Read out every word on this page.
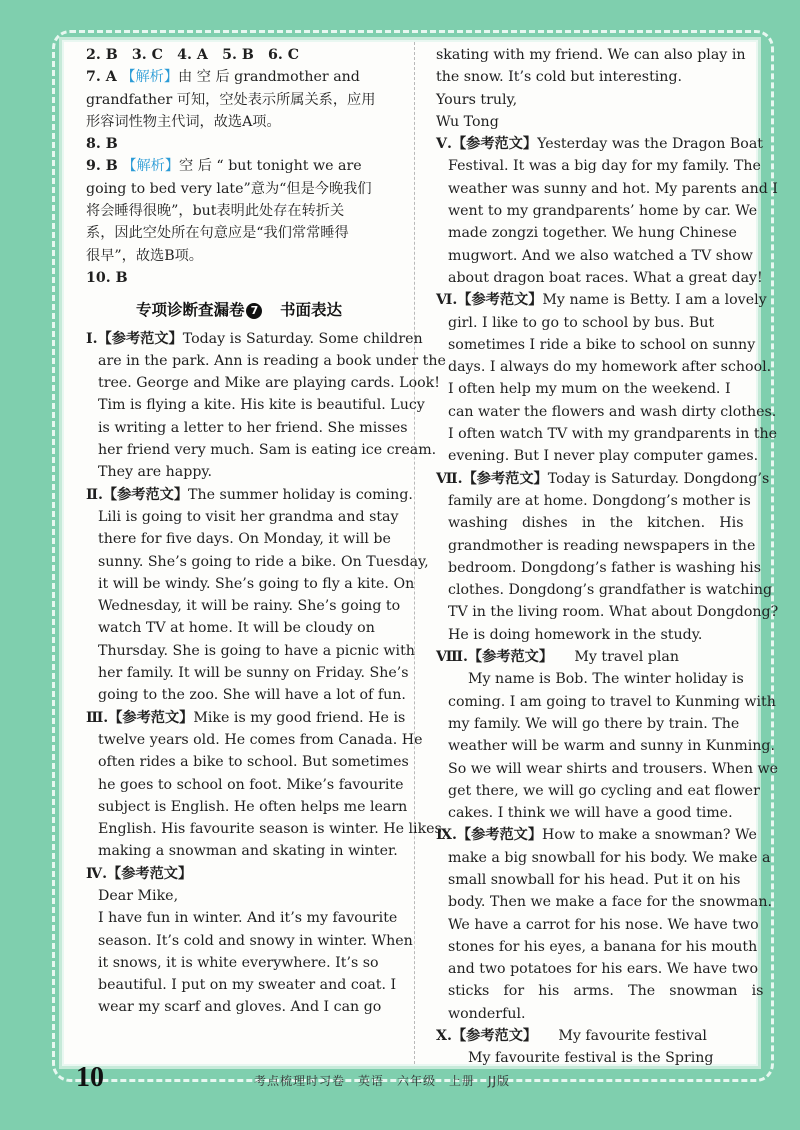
2. B　3. C　4. A　5. B　6. C
7. A 【解析】由 空 后 grandmother and
grandfather 可知，空处表示所属关系，应用
形容词性物主代词，故选A项。
8. B
9. B 【解析】空 后 “ but tonight we are
going to bed very late”意为“但是今晚我们
将会睡得很晚”，but表明此处存在转折关
系，因此空处所在句意应是“我们常常睡得
很早”，故选B项。
10. B
专项诊断查漏卷 7　 书面表达
Ⅰ.【参考范文】Today is Saturday. Some children
are in the park. Ann is reading a book under the
tree. George and Mike are playing cards. Look!
Tim is flying a kite. His kite is beautiful. Lucy
is writing a letter to her friend. She misses
her friend very much. Sam is eating ice cream.
They are happy.
Ⅱ.【参考范文】The summer holiday is coming.
Lili is going to visit her grandma and stay
there for five days. On Monday, it will be
sunny. She’s going to ride a bike. On Tuesday,
it will be windy. She’s going to fly a kite. On
Wednesday, it will be rainy. She’s going to
watch TV at home. It will be cloudy on
Thursday. She is going to have a picnic with
her family. It will be sunny on Friday. She’s
going to the zoo. She will have a lot of fun.
Ⅲ.【参考范文】Mike is my good friend. He is
twelve years old. He comes from Canada. He
often rides a bike to school. But sometimes
he goes to school on foot. Mike’s favourite
subject is English. He often helps me learn
English. His favourite season is winter. He likes
making a snowman and skating in winter.
Ⅳ.【参考范文】
Dear Mike,
I have fun in winter. And it’s my favourite
season. It’s cold and snowy in winter. When
it snows, it is white everywhere. It’s so
beautiful. I put on my sweater and coat. I
wear my scarf and gloves. And I can go
skating with my friend. We can also play in
the snow. It’s cold but interesting.
Yours truly,
Wu Tong
Ⅴ.【参考范文】Yesterday was the Dragon Boat
Festival. It was a big day for my family. The
weather was sunny and hot. My parents and I
went to my grandparents’ home by car. We
made zongzi together. We hung Chinese
mugwort. And we also watched a TV show
about dragon boat races. What a great day!
Ⅵ.【参考范文】My name is Betty. I am a lovely
girl. I like to go to school by bus. But
sometimes I ride a bike to school on sunny
days. I always do my homework after school.
I often help my mum on the weekend. I
can water the flowers and wash dirty clothes.
I often watch TV with my grandparents in the
evening. But I never play computer games.
Ⅶ.【参考范文】Today is Saturday. Dongdong’s
family are at home. Dongdong’s mother is
washing　dishes　in　the　kitchen.　His
grandmother is reading newspapers in the
bedroom. Dongdong’s father is washing his
clothes. Dongdong’s grandfather is watching
TV in the living room. What about Dongdong?
He is doing homework in the study.
Ⅷ.【参考范文】　　 My travel plan
My name is Bob. The winter holiday is
coming. I am going to travel to Kunming with
my family. We will go there by train. The
weather will be warm and sunny in Kunming.
So we will wear shirts and trousers. When we
get there, we will go cycling and eat flower
cakes. I think we will have a good time.
Ⅸ.【参考范文】How to make a snowman? We
make a big snowball for his body. We make a
small snowball for his head. Put it on his
body. Then we make a face for the snowman.
We have a carrot for his nose. We have two
stones for his eyes, a banana for his mouth
and two potatoes for his ears. We have two
sticks　for　his　arms.　The　snowman　is
wonderful.
Ⅹ.【参考范文】　　 My favourite festival
My favourite festival is the Spring
10	考点梳理时习卷　英语　六年级　上册　JJ版
